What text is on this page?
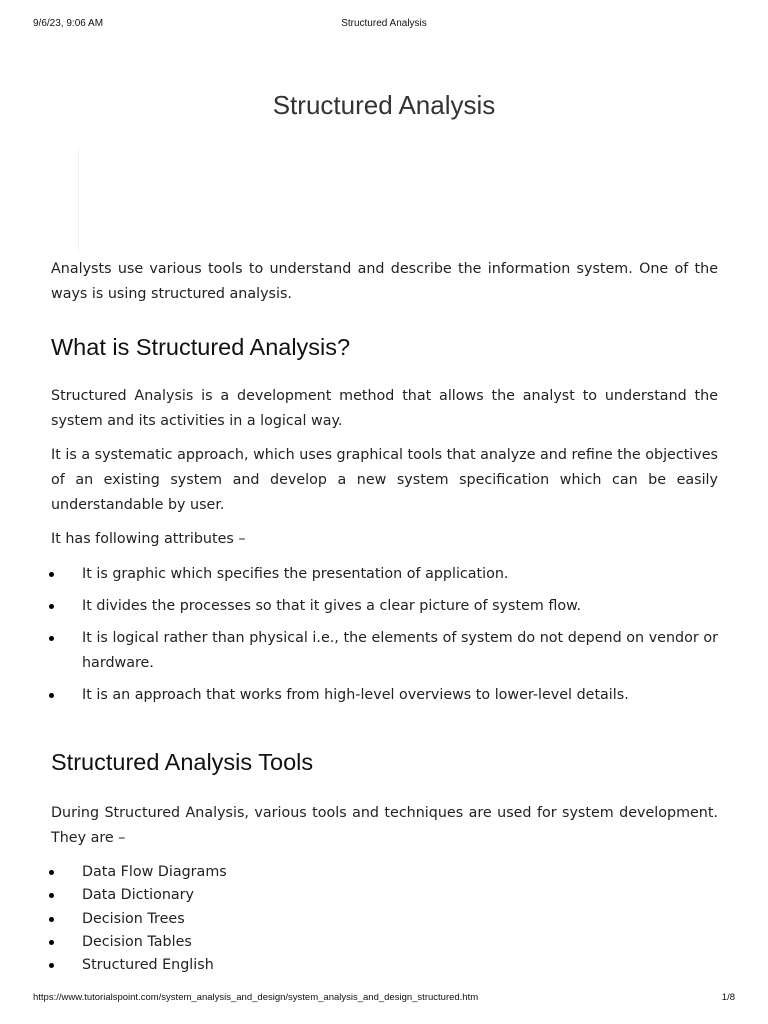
9/6/23, 9:06 AM	Structured Analysis
Structured Analysis

Analysts use various tools to understand and describe the information system. One of the ways is using structured analysis.

What is Structured Analysis?

Structured Analysis is a development method that allows the analyst to understand the system and its activities in a logical way.

It is a systematic approach, which uses graphical tools that analyze and refine the objectives of an existing system and develop a new system specification which can be easily understandable by user.

It has following attributes –

It is graphic which specifies the presentation of application.
It divides the processes so that it gives a clear picture of system flow.
It is logical rather than physical i.e., the elements of system do not depend on vendor or hardware.
It is an approach that works from high-level overviews to lower-level details.
Structured Analysis Tools

During Structured Analysis, various tools and techniques are used for system development. They are –

Data Flow Diagrams
Data Dictionary
Decision Trees
Decision Tables
Structured English
https://www.tutorialspoint.com/system_analysis_and_design/system_analysis_and_design_structured.htm	1/8
